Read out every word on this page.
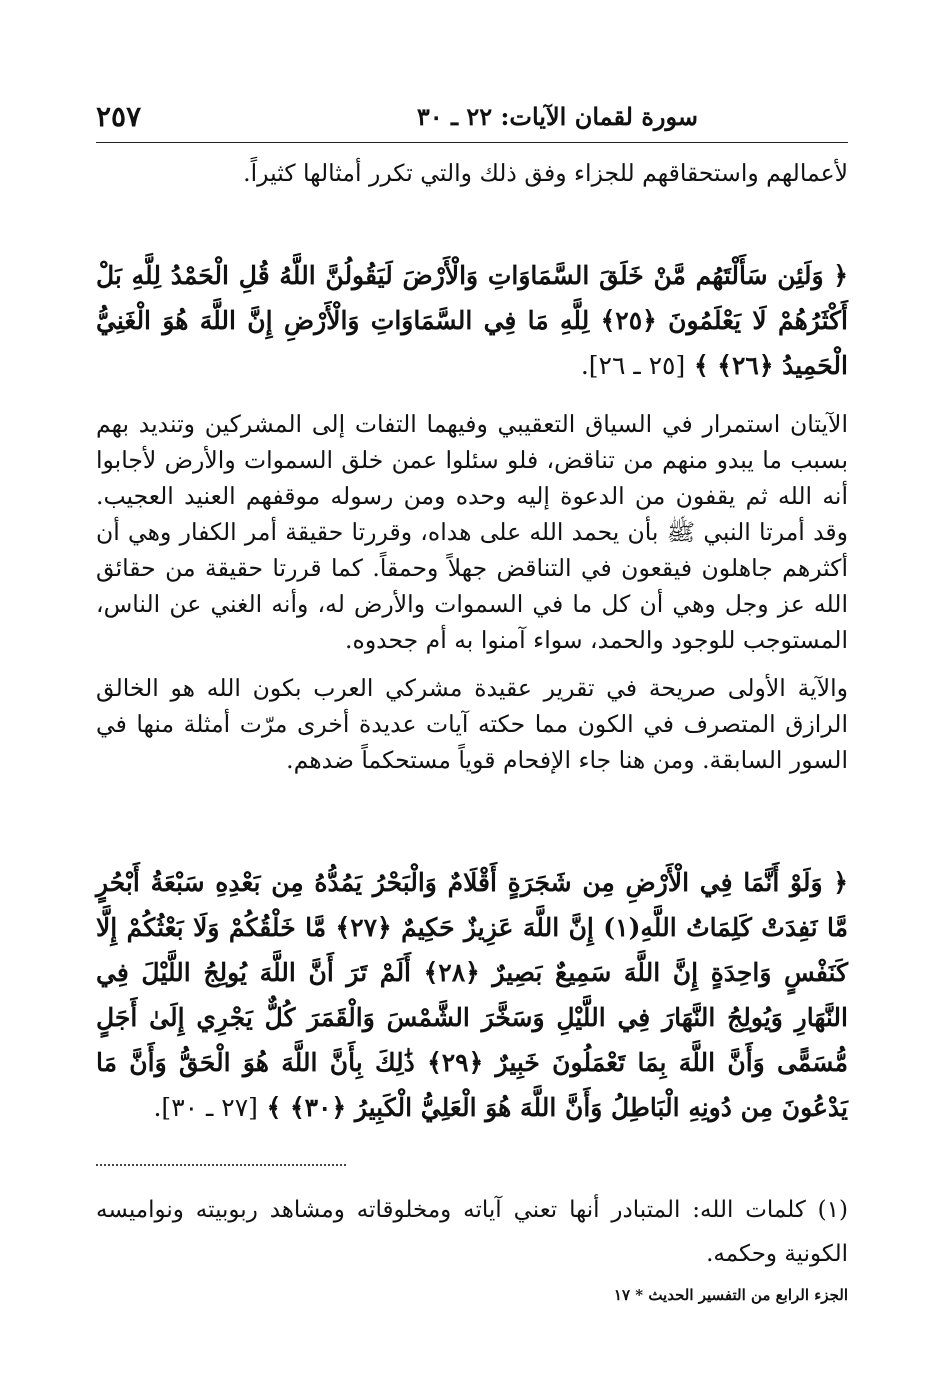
سورة لقمان الآيات: ٢٢ ـ ٣٠
٢٥٧

لأعمالهم واستحقاقهم للجزاء وفق ذلك والتي تكرر أمثالها كثيراً.

﴿ وَلَئِن سَأَلْتَهُم مَّنْ خَلَقَ السَّمَاوَاتِ وَالْأَرْضَ لَيَقُولُنَّ اللَّهُ قُلِ الْحَمْدُ لِلَّهِ بَلْ أَكْثَرُهُمْ لَا يَعْلَمُونَ ﴿٢٥﴾ لِلَّهِ مَا فِي السَّمَاوَاتِ وَالْأَرْضِ إِنَّ اللَّهَ هُوَ الْغَنِيُّ الْحَمِيدُ ﴿٢٦﴾ ﴾ [٢٥ ـ ٢٦].

الآيتان استمرار في السياق التعقيبي وفيهما التفات إلى المشركين وتنديد بهم بسبب ما يبدو منهم من تناقض، فلو سئلوا عمن خلق السموات والأرض لأجابوا أنه الله ثم يقفون من الدعوة إليه وحده ومن رسوله موقفهم العنيد العجيب. وقد أمرتا النبي ﷺ بأن يحمد الله على هداه، وقررتا حقيقة أمر الكفار وهي أن أكثرهم جاهلون فيقعون في التناقض جهلاً وحمقاً. كما قررتا حقيقة من حقائق الله عز وجل وهي أن كل ما في السموات والأرض له، وأنه الغني عن الناس، المستوجب للوجود والحمد، سواء آمنوا به أم جحدوه.

والآية الأولى صريحة في تقرير عقيدة مشركي العرب بكون الله هو الخالق الرازق المتصرف في الكون مما حكته آيات عديدة أخرى مرّت أمثلة منها في السور السابقة. ومن هنا جاء الإفحام قوياً مستحكماً ضدهم.

﴿ وَلَوْ أَنَّمَا فِي الْأَرْضِ مِن شَجَرَةٍ أَقْلَامٌ وَالْبَحْرُ يَمُدُّهُ مِن بَعْدِهِ سَبْعَةُ أَبْحُرٍ مَّا نَفِدَتْ كَلِمَاتُ اللَّهِ(١) إِنَّ اللَّهَ عَزِيزٌ حَكِيمٌ ﴿٢٧﴾ مَّا خَلْقُكُمْ وَلَا بَعْثُكُمْ إِلَّا كَنَفْسٍ وَاحِدَةٍ إِنَّ اللَّهَ سَمِيعٌ بَصِيرٌ ﴿٢٨﴾ أَلَمْ تَرَ أَنَّ اللَّهَ يُولِجُ اللَّيْلَ فِي النَّهَارِ وَيُولِجُ النَّهَارَ فِي اللَّيْلِ وَسَخَّرَ الشَّمْسَ وَالْقَمَرَ كُلٌّ يَجْرِي إِلَىٰ أَجَلٍ مُّسَمًّى وَأَنَّ اللَّهَ بِمَا تَعْمَلُونَ خَبِيرٌ ﴿٢٩﴾ ذَٰلِكَ بِأَنَّ اللَّهَ هُوَ الْحَقُّ وَأَنَّ مَا يَدْعُونَ مِن دُونِهِ الْبَاطِلُ وَأَنَّ اللَّهَ هُوَ الْعَلِيُّ الْكَبِيرُ ﴿٣٠﴾ ﴾ [٢٧ ـ ٣٠].

(١) كلمات الله: المتبادر أنها تعني آياته ومخلوقاته ومشاهد ربوبيته ونواميسه الكونية وحكمه.

الجزء الرابع من التفسير الحديث * ١٧
